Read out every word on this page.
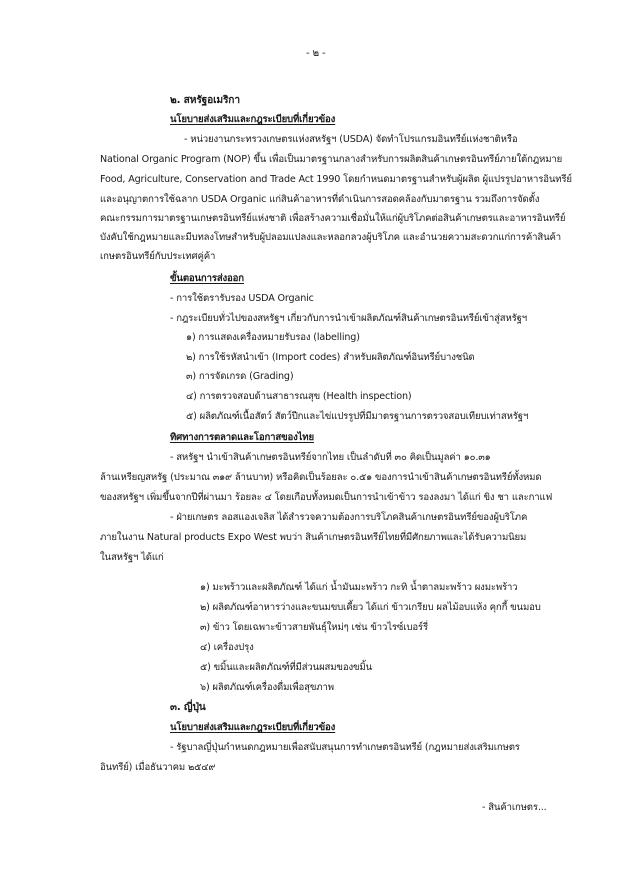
- ๒ -
๒. สหรัฐอเมริกา
นโยบายส่งเสริมและกฎระเบียบที่เกี่ยวข้อง
- หน่วยงานกระทรวงเกษตรแห่งสหรัฐฯ (USDA) จัดทำโปรแกรมอินทรีย์แห่งชาติหรือ
National Organic Program (NOP) ขึ้น เพื่อเป็นมาตรฐานกลางสำหรับการผลิตสินค้าเกษตรอินทรีย์ภายใต้กฎหมาย
Food, Agriculture, Conservation and Trade Act 1990 โดยกำหนดมาตรฐานสำหรับผู้ผลิต ผู้แปรรูปอาหารอินทรีย์
และอนุญาตการใช้ฉลาก USDA Organic แก่สินค้าอาหารที่ดำเนินการสอดคล้องกับมาตรฐาน รวมถึงการจัดตั้ง
คณะกรรมการมาตรฐานเกษตรอินทรีย์แห่งชาติ เพื่อสร้างความเชื่อมั่นให้แก่ผู้บริโภคต่อสินค้าเกษตรและอาหารอินทรีย์
บังคับใช้กฎหมายและมีบทลงโทษสำหรับผู้ปลอมแปลงและหลอกลวงผู้บริโภค และอำนวยความสะดวกแก่การค้าสินค้า
เกษตรอินทรีย์กับประเทศคู่ค้า
ขั้นตอนการส่งออก
- การใช้ตรารับรอง USDA Organic
- กฎระเบียบทั่วไปของสหรัฐฯ เกี่ยวกับการนำเข้าผลิตภัณฑ์สินค้าเกษตรอินทรีย์เข้าสู่สหรัฐฯ
๑) การแสดงเครื่องหมายรับรอง (labelling)
๒) การใช้รหัสนำเข้า (Import codes) สำหรับผลิตภัณฑ์อินทรีย์บางชนิด
๓) การจัดเกรด (Grading)
๔) การตรวจสอบด้านสาธารณสุข (Health inspection)
๕) ผลิตภัณฑ์เนื้อสัตว์ สัตว์ปีกและไข่แปรรูปที่มีมาตรฐานการตรวจสอบเทียบเท่าสหรัฐฯ
ทิศทางการตลาดและโอกาสของไทย
- สหรัฐฯ นำเข้าสินค้าเกษตรอินทรีย์จากไทย เป็นลำดับที่ ๓๐ คิดเป็นมูลค่า ๑๐.๓๑
ล้านเหรียญสหรัฐ (ประมาณ ๓๑๙ ล้านบาท) หรือคิดเป็นร้อยละ ๐.๕๑ ของการนำเข้าสินค้าเกษตรอินทรีย์ทั้งหมด
ของสหรัฐฯ เพิ่มขึ้นจากปีที่ผ่านมา ร้อยละ ๔ โดยเกือบทั้งหมดเป็นการนำเข้าข้าว รองลงมา ได้แก่ ขิง ชา และกาแฟ
- ฝ่ายเกษตร ลอสแองเจลิส ได้สำรวจความต้องการบริโภคสินค้าเกษตรอินทรีย์ของผู้บริโภค
ภายในงาน Natural products Expo West พบว่า สินค้าเกษตรอินทรีย์ไทยที่มีศักยภาพและได้รับความนิยม
ในสหรัฐฯ ได้แก่
๑) มะพร้าวและผลิตภัณฑ์ ได้แก่ น้ำมันมะพร้าว กะทิ น้ำตาลมะพร้าว ผงมะพร้าว
๒) ผลิตภัณฑ์อาหารว่างและขนมขบเคี้ยว ได้แก่ ข้าวเกรียบ ผลไม้อบแห้ง คุกกี้ ขนมอบ
๓) ข้าว โดยเฉพาะข้าวสายพันธุ์ใหม่ๆ เช่น ข้าวไรซ์เบอร์รี่
๔) เครื่องปรุง
๕) ขมิ้นและผลิตภัณฑ์ที่มีส่วนผสมของขมิ้น
๖) ผลิตภัณฑ์เครื่องดื่มเพื่อสุขภาพ
๓. ญี่ปุ่น
นโยบายส่งเสริมและกฎระเบียบที่เกี่ยวข้อง
- รัฐบาลญี่ปุ่นกำหนดกฎหมายเพื่อสนับสนุนการทำเกษตรอินทรีย์ (กฎหมายส่งเสริมเกษตร
อินทรีย์) เมื่อธันวาคม ๒๕๔๙
- สินค้าเกษตร...
